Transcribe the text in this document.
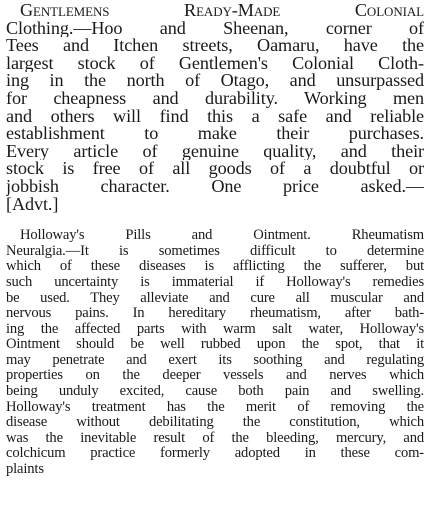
Gentlemens Ready-Made Colonial
Clothing.—Hoo and Sheenan, corner of
Tees and Itchen streets, Oamaru, have the
largest stock of Gentlemen's Colonial Cloth-
ing in the north of Otago, and unsurpassed
for cheapness and durability. Working men
and others will find this a safe and reliable
establishment to make their purchases.
Every article of genuine quality, and their
stock is free of all goods of a doubtful or
jobbish character. One price asked.—
[Advt.]
Holloway's Pills and Ointment. Rheumatism
Neuralgia.—It is sometimes difficult to determine
which of these diseases is afflicting the sufferer, but
such uncertainty is immaterial if Holloway's remedies
be used. They alleviate and cure all muscular and
nervous pains. In hereditary rheumatism, after bath-
ing the affected parts with warm salt water, Holloway's
Ointment should be well rubbed upon the spot, that it
may penetrate and exert its soothing and regulating
properties on the deeper vessels and nerves which
being unduly excited, cause both pain and swelling.
Holloway's treatment has the merit of removing the
disease without debilitating the constitution, which
was the inevitable result of the bleeding, mercury, and
colchicum practice formerly adopted in these com-
plaints
